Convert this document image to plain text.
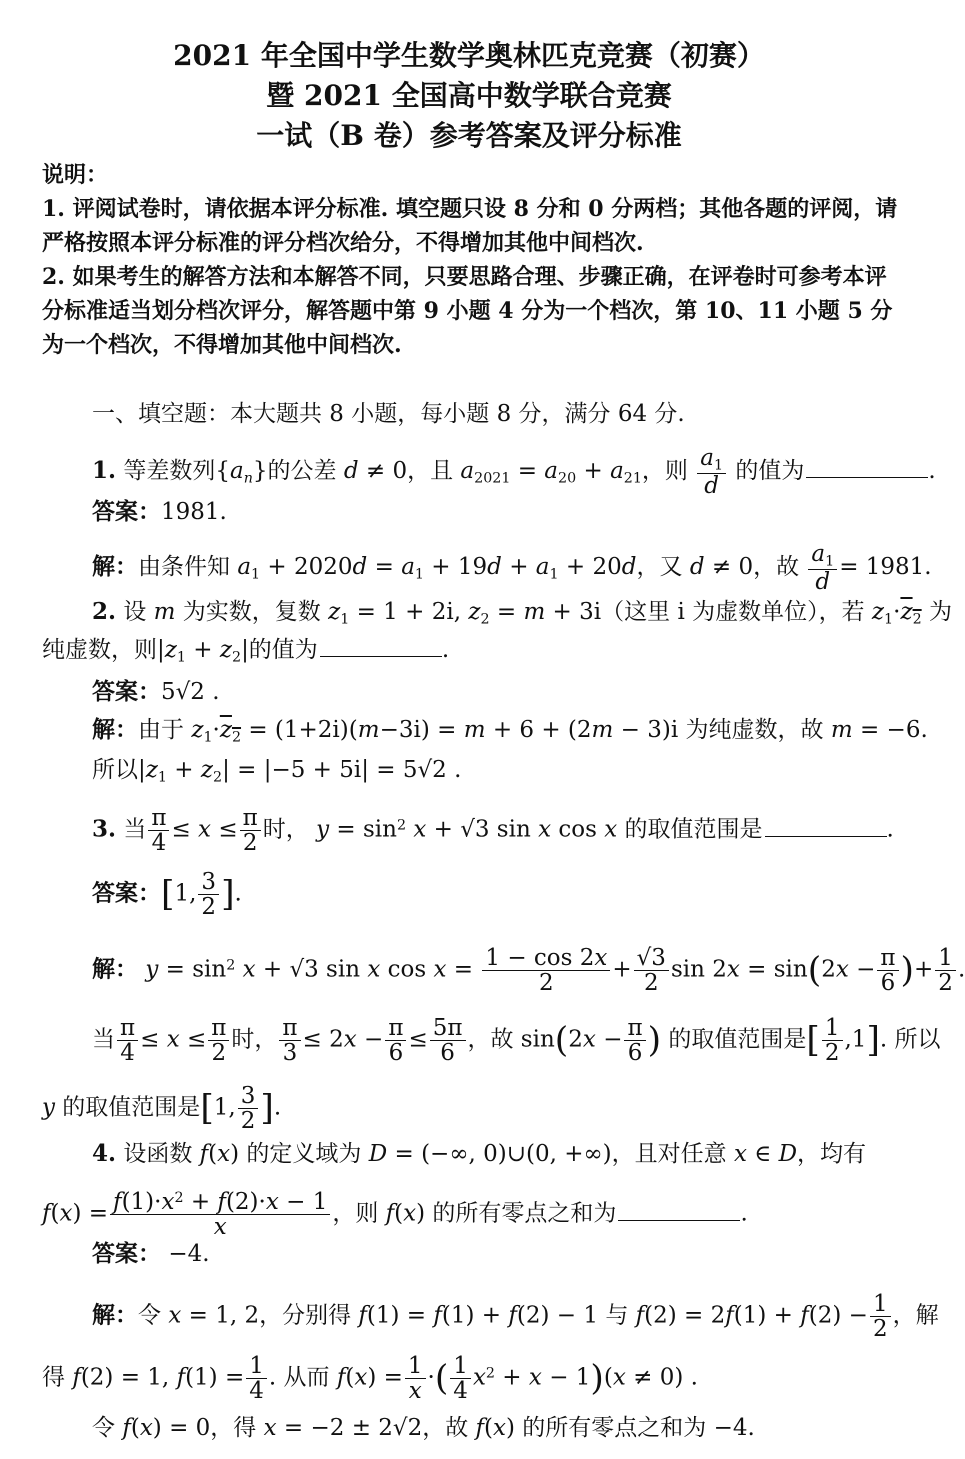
2021 年全国中学生数学奥林匹克竞赛（初赛）
暨 2021 全国高中数学联合竞赛
一试（B 卷）参考答案及评分标准
说明：
1. 评阅试卷时，请依据本评分标准. 填空题只设 8 分和 0 分两档；其他各题的评阅，请严格按照本评分标准的评分档次给分，不得增加其他中间档次.
2. 如果考生的解答方法和本解答不同，只要思路合理、步骤正确，在评卷时可参考本评分标准适当划分档次评分，解答题中第 9 小题 4 分为一个档次，第 10、11 小题 5 分为一个档次，不得增加其他中间档次.
一、填空题：本大题共 8 小题，每小题 8 分，满分 64 分.
1. 等差数列$\{a_n\}$的公差 d ≠ 0，且 $a_{2021} = a_{20} + a_{21}$，则 $\frac{a_1}{d}$ 的值为	.
答案：1981.
解：由条件知 $a_1 + 2020d = a_1 + 19d + a_1 + 20d$，又 d ≠ 0，故 $\frac{a_1}{d} = 1981$.
2. 设 m 为实数，复数 $z_1 = 1 + 2i$, $z_2 = m + 3i$（这里 i 为虚数单位），若 $z_1\cdot z_2$ 为
纯虚数，则$|z_1 + z_2|$的值为	.
答案：5√2 .
解：由于 $z_1\cdot z_2 = (1+2i)(m-3i) = m + 6 + (2m - 3)i$ 为纯虚数，故 m = −6.
所以$|z_1 + z_2| = |-5 + 5i| = 5√2$ .
3. 当 $\frac{\pi}{4} \le x \le \frac{\pi}{2}$ 时， $y = \sin^2 x + √3$ sin x cos x 的取值范围是	.
答案：[1, $\frac{3}{2}$ ].
解： $y = \sin^2 x + √3$ sin x $\cos x = \frac{1 - \cos 2x}{2} + \frac{√3}{2}$ $\sin 2x = \sin(2x - \frac{\pi}{6}$ )+ $\frac{1}{2}$ .
当 $\frac{\pi}{4} \le x \le \frac{\pi}{2}$ 时， $\frac{\pi}{3} \le 2x - \frac{\pi}{6} \le \frac{5\pi}{6}$ ，故 $\sin(2x - \frac{\pi}{6}$ ) 的取值范围是[ $\frac{1}{2} ,1$]. 所以
y 的取值范围是[1, $\frac{3}{2}$ ].
4. 设函数 f(x) 的定义域为 D = (−∞, 0)∪(0, +∞)，且对任意 x ∈ D，均有
$f(x) = \frac{f(1)\cdot x^2 + f(2)\cdot x - 1}{x}$ ，则 f(x) 的所有零点之和为	.
答案： −4.
解：令 x = 1, 2，分别得 f(1) = f(1) + f(2) − 1 与 $f(2) = 2f(1) + f(2) - \frac{1}{2}$ ，解
得 f(2) = 1, $f(1) = \frac{1}{4}$ . 从而 $f(x) = \frac{1}{x}$ ·( $\frac{1}{4} x^2 + x - 1)(x \ne 0)$ .
令 f(x) = 0，得 x = −2 ± 2√2，故 f(x) 的所有零点之和为 −4.
